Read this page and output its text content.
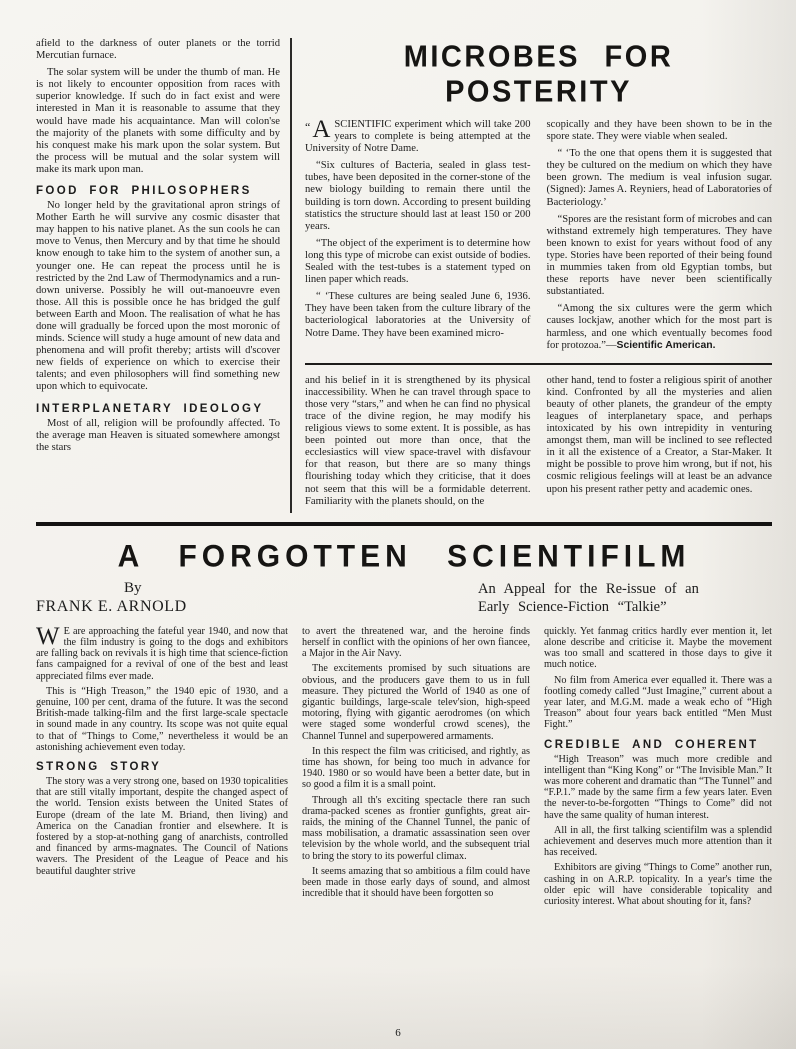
afield to the darkness of outer planets or the torrid Mercutian furnace.

The solar system will be under the thumb of man. He is not likely to encounter opposition from races with superior knowledge. If such do in fact exist and were interested in Man it is reasonable to assume that they would have made his acquaintance. Man will colon'se the majority of the planets with some difficulty and by his conquest make his mark upon the solar system. But the process will be mutual and the solar system will make its mark upon man.

FOOD FOR PHILOSOPHERS

No longer held by the gravitational apron strings of Mother Earth he will survive any cosmic disaster that may happen to his native planet. As the sun cools he can move to Venus, then Mercury and by that time he should know enough to take him to the system of another sun, a younger one. He can repeat the process until he is restricted by the 2nd Law of Thermodynamics and a run-down universe. Possibly he will out-manoeuvre even those. All this is possible once he has bridged the gulf between Earth and Moon. The realisation of what he has done will gradually be forced upon the most moronic of minds. Science will study a huge amount of new data and phenomena and will profit thereby; artists will d'scover new fields of experience on which to exercise their talents; and even philosophers will find something new upon which to equivocate.

INTERPLANETARY IDEOLOGY

Most of all, religion will be profoundly affected. To the average man Heaven is situated somewhere amongst the stars

MICROBES FOR POSTERITY

“A SCIENTIFIC experiment which will take 200 years to complete is being attempted at the University of Notre Dame.

“Six cultures of Bacteria, sealed in glass test-tubes, have been deposited in the corner-stone of the new biology building to remain there until the building is torn down. According to present building statistics the structure should last at least 150 or 200 years.

“The object of the experiment is to determine how long this type of microbe can exist outside of bodies. Sealed with the test-tubes is a statement typed on linen paper which reads.

“ ‘These cultures are being sealed June 6, 1936. They have been taken from the culture library of the bacteriological laboratories at the University of Notre Dame. They have been examined micro-

scopically and they have been shown to be in the spore state. They were viable when sealed.

“ ‘To the one that opens them it is suggested that they be cultured on the medium on which they have been grown. The medium is veal infusion sugar. (Signed): James A. Reyniers, head of Laboratories of Bacteriology.’

“Spores are the resistant form of microbes and can withstand extremely high temperatures. They have been known to exist for years without food of any type. Stories have been reported of their being found in mummies taken from old Egyptian tombs, but these reports have never been scientifically substantiated.

“Among the six cultures were the germ which causes lockjaw, another which for the most part is harmless, and one which eventually becomes food for protozoa.”—Scientific American.

and his belief in it is strengthened by its physical inaccessibility. When he can travel through space to those very “stars,” and when he can find no physical trace of the divine region, he may modify his religious views to some extent. It is possible, as has been pointed out more than once, that the ecclesiastics will view space-travel with disfavour for that reason, but there are so many things flourishing today which they criticise, that it does not seem that this will be a formidable deterrent. Familiarity with the planets should, on the

other hand, tend to foster a religious spirit of another kind. Confronted by all the mysteries and alien beauty of other planets, the grandeur of the empty leagues of interplanetary space, and perhaps intoxicated by his own intrepidity in venturing amongst them, man will be inclined to see reflected in it all the existence of a Creator, a Star-Maker. It might be possible to prove him wrong, but if not, his cosmic religious feelings will at least be an advance upon his present rather petty and academic ones.

A FORGOTTEN SCIENTIFILM
By
FRANK E. ARNOLD
An Appeal for the Re-issue of an
Early Science-Fiction “Talkie”

W E are approaching the fateful year 1940, and now that the film industry is going to the dogs and exhibitors are falling back on revivals it is high time that science-fiction fans campaigned for a revival of one of the best and least appreciated films ever made.

This is “High Treason,” the 1940 epic of 1930, and a genuine, 100 per cent, drama of the future. It was the second British-made talking-film and the first large-scale spectacle in sound made in any country. Its scope was not quite equal to that of “Things to Come,” nevertheless it would be an astonishing achievement even today.

STRONG STORY

The story was a very strong one, based on 1930 topicalities that are still vitally important, despite the changed aspect of the world. Tension exists between the United States of Europe (dream of the late M. Briand, then living) and America on the Canadian frontier and elsewhere. It is fostered by a stop-at-nothing gang of anarchists, controlled and financed by arms-magnates. The Council of Nations wavers. The President of the League of Peace and his beautiful daughter strive

to avert the threatened war, and the heroine finds herself in conflict with the opinions of her own fiancee, a Major in the Air Navy.

The excitements promised by such situations are obvious, and the producers gave them to us in full measure. They pictured the World of 1940 as one of gigantic buildings, large-scale telev'sion, high-speed motoring, flying with gigantic aerodromes (on which were staged some wonderful crowd scenes), the Channel Tunnel and superpowered armaments.

In this respect the film was criticised, and rightly, as time has shown, for being too much in advance for 1940. 1980 or so would have been a better date, but in so good a film it is a small point.

Through all th's exciting spectacle there ran such drama-packed scenes as frontier gunfights, great air-raids, the mining of the Channel Tunnel, the panic of mass mobilisation, a dramatic assassination seen over television by the whole world, and the subsequent trial to bring the story to its powerful climax.

It seems amazing that so ambitious a film could have been made in those early days of sound, and almost incredible that it should have been forgotten so

quickly. Yet fanmag critics hardly ever mention it, let alone describe and criticise it. Maybe the movement was too small and scattered in those days to give it much notice.

No film from America ever equalled it. There was a footling comedy called “Just Imagine,” current about a year later, and M.G.M. made a weak echo of “High Treason” about four years back entitled “Men Must Fight.”

CREDIBLE AND COHERENT

“High Treason” was much more credible and intelligent than “King Kong” or “The Invisible Man.” It was more coherent and dramatic than “The Tunnel” and “F.P.1.” made by the same firm a few years later. Even the never-to-be-forgotten “Things to Come” did not have the same quality of human interest.

All in all, the first talking scientifilm was a splendid achievement and deserves much more attention than it has received.

Exhibitors are giving “Things to Come” another run, cashing in on A.R.P. topicality. In a year's time the older epic will have considerable topicality and curiosity interest. What about shouting for it, fans?

6
